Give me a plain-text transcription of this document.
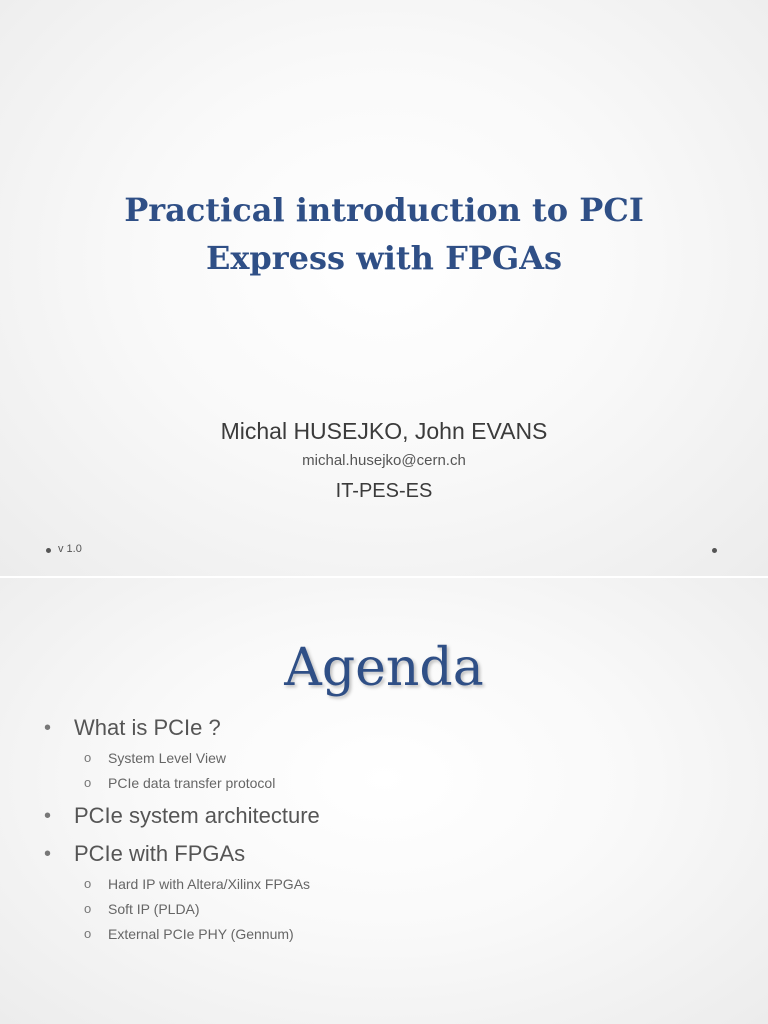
Practical introduction to PCI
Express with FPGAs
Michal HUSEJKO, John EVANS
michal.husejko@cern.ch
IT-PES-ES
v 1.0
Agenda
• What is PCIe ?
o System Level View
o PCIe data transfer protocol
• PCIe system architecture
• PCIe with FPGAs
o Hard IP with Altera/Xilinx FPGAs
o Soft IP (PLDA)
o External PCIe PHY (Gennum)
